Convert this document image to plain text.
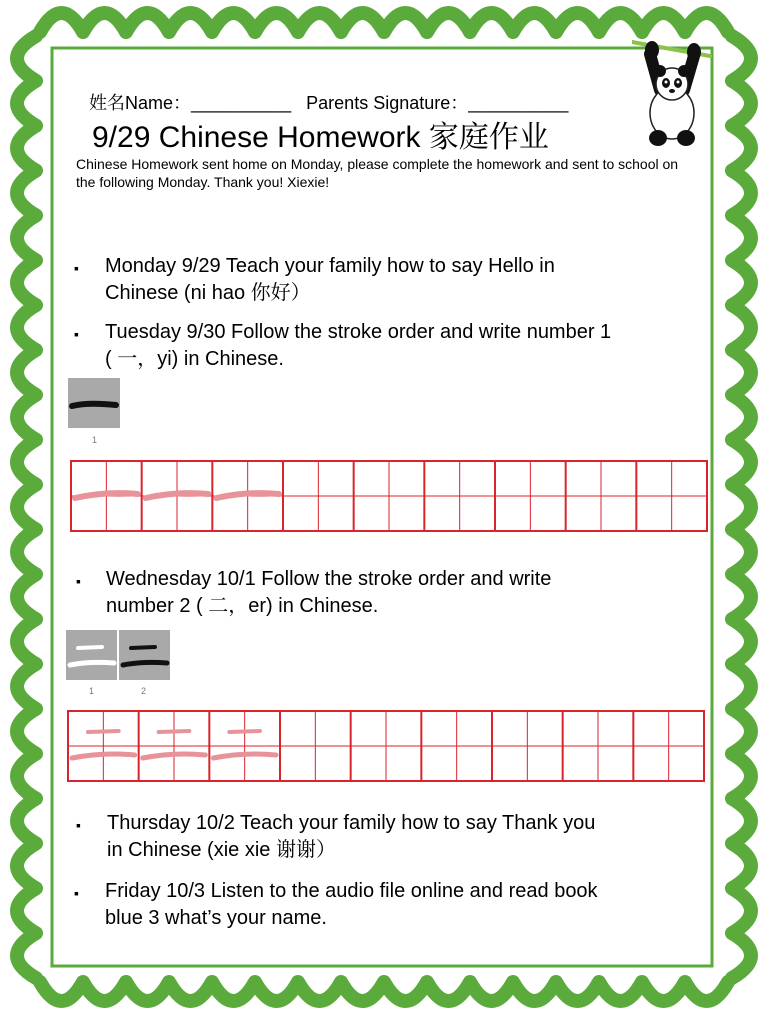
姓名Name：__________ Parents Signature：__________

9/29 Chinese Homework 家庭作业
Chinese Homework sent home on Monday, please complete the homework and sent to school on the following Monday. Thank you! Xiexie!
▪ Monday 9/29 Teach your family how to say Hello in
Chinese (ni hao 你好）
▪ Tuesday 9/30 Follow the stroke order and write number 1
( 一，yi) in Chinese.
1
▪ Wednesday 10/1 Follow the stroke order and write
number 2 ( 二，er) in Chinese.
1	2
▪ Thursday 10/2 Teach your family how to say Thank you
in Chinese (xie xie 谢谢）
▪ Friday 10/3 Listen to the audio file online and read book
blue 3 what’s your name.
